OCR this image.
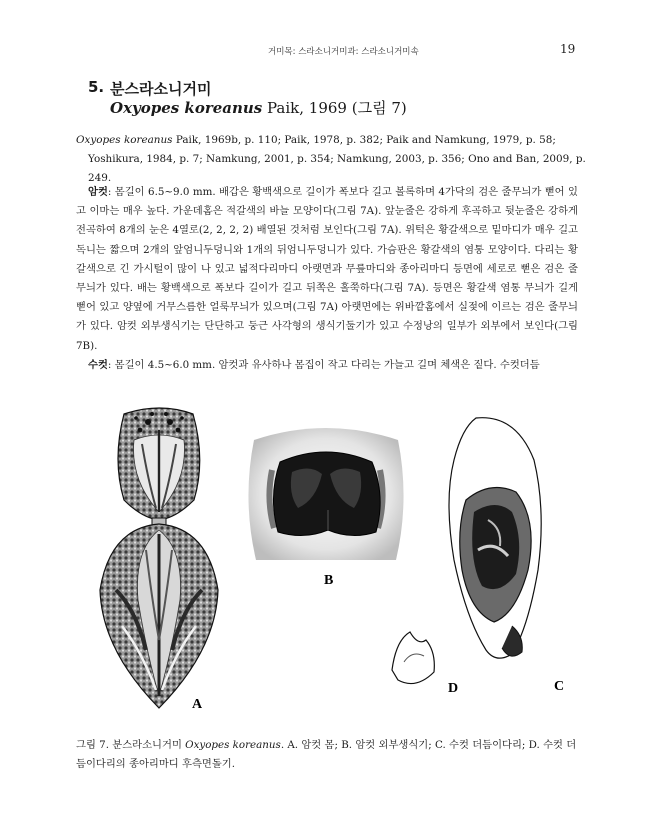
거미목: 스라소니거미과: 스라소니거미속	19
5. 분스라소니거미
Oxyopes koreanus Paik, 1969 (그림 7)
Oxyopes koreanus Paik, 1969b, p. 110; Paik, 1978, p. 382; Paik and Namkung, 1979, p. 58; Yoshikura, 1984, p. 7; Namkung, 2001, p. 354; Namkung, 2003, p. 356; Ono and Ban, 2009, p. 249.

암컷: 몸길이 6.5~9.0 mm. 배갑은 황백색으로 길이가 폭보다 길고 볼록하며 4가닥의 검은 줄무늬가 뻗어 있고 이마는 매우 높다. 가운데홈은 적갈색의 바늘 모양이다(그림 7A). 앞눈줄은 강하게 후곡하고 뒷눈줄은 강하게 전곡하여 8개의 눈은 4열로(2, 2, 2, 2) 배열된 것처럼 보인다(그림 7A). 위턱은 황갈색으로 밑마디가 매우 길고 독니는 짧으며 2개의 앞엄니두덩니와 1개의 뒤엄니두덩니가 있다. 가슴판은 황갈색의 염통 모양이다. 다리는 황갈색으로 긴 가시털이 많이 나 있고 넓적다리마디 아랫면과 무릎마디와 종아리마디 등면에 세로로 뻗은 검은 줄무늬가 있다. 배는 황백색으로 폭보다 길이가 길고 뒤쪽은 홀쭉하다(그림 7A). 등면은 황갈색 염통 무늬가 길게 뻗어 있고 양옆에 거무스름한 얼룩무늬가 있으며(그림 7A) 아랫면에는 위바깥홈에서 실젖에 이르는 검은 줄무늬가 있다. 암컷 외부생식기는 단단하고 둥근 사각형의 생식기둘기가 있고 수정낭의 일부가 외부에서 보인다(그림 7B).

수컷: 몸길이 4.5~6.0 mm. 암컷과 유사하나 몸집이 작고 다리는 가늘고 길며 체색은 짙다. 수컷더듬

A
B
C
D
그림 7. 분스라소니거미 Oxyopes koreanus. A. 암컷 몸; B. 암컷 외부생식기; C. 수컷 더듬이다리; D. 수컷 더듬이다리의 종아리마디 후측면돌기.
